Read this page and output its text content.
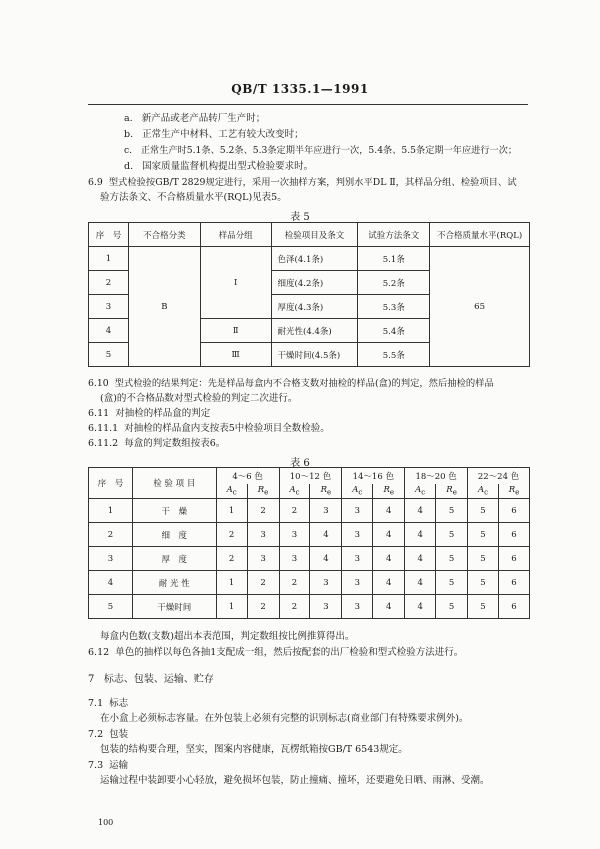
QB/T 1335.1—1991
a. 新产品或老产品转厂生产时；
b. 正常生产中材料、工艺有较大改变时；
c. 正常生产时5.1条、5.2条、5.3条定期半年应进行一次，5.4条、5.5条定期一年应进行一次；
d. 国家质量监督机构提出型式检验要求时。
6.9 型式检验按GB/T 2829规定进行，采用一次抽样方案，判别水平DL Ⅱ，其样品分组、检验项目、试
验方法条文、不合格质量水平(RQL)见表5。
表 5
序　号	不合格分类	样品分组	检验项目及条文	试验方法条文	不合格质量水平(RQL)
1	B	Ⅰ	色泽(4.1条)	5.1条	65
2			细度(4.2条)	5.2条	
3			厚度(4.3条)	5.3条	
4		Ⅱ	耐光性(4.4条)	5.4条	
5		Ⅲ	干燥时间(4.5条)	5.5条	
6.10 型式检验的结果判定：先是样品每盒内不合格支数对抽检的样品(盒)的判定，然后抽检的样品
(盒)的不合格品数对型式检验的判定二次进行。
6.11 对抽检的样品盒的判定
6.11.1 对抽检的样品盒内支按表5中检验项目全数检验。
6.11.2 每盒的判定数组按表6。
表 6
序　号	检 验 项 目	4～6 色		10～12 色		14～16 色		18～20 色		22～24 色	
		$A_c$	$R_e$	$A_c$	$R_e$	$A_c$	$R_e$	$A_c$	$R_e$	$A_c$	$R_e$
1	干　燥	1	2	2	3	3	4	4	5	5	6
2	细　度	2	3	3	4	3	4	4	5	5	6
3	厚　度	2	3	3	4	3	4	4	5	5	6
4	耐 光 性	1	2	2	3	3	4	4	5	5	6
5	干燥时间	1	2	2	3	3	4	4	5	5	6
每盒内色数(支数)超出本表范围，判定数组按比例推算得出。
6.12 单色的抽样以每色各抽1支配成一组，然后按配套的出厂检验和型式检验方法进行。
7 标志、包装、运输、贮存
7.1 标志
在小盒上必须标志容量。在外包装上必须有完整的识别标志(商业部门有特殊要求例外)。
7.2 包装
包装的结构要合理，坚实，图案内容健康，瓦楞纸箱按GB/T 6543规定。
7.3 运输
运输过程中装卸要小心轻放，避免损坏包装，防止撞痛、撞坏，还要避免日晒、雨淋、受潮。
100
